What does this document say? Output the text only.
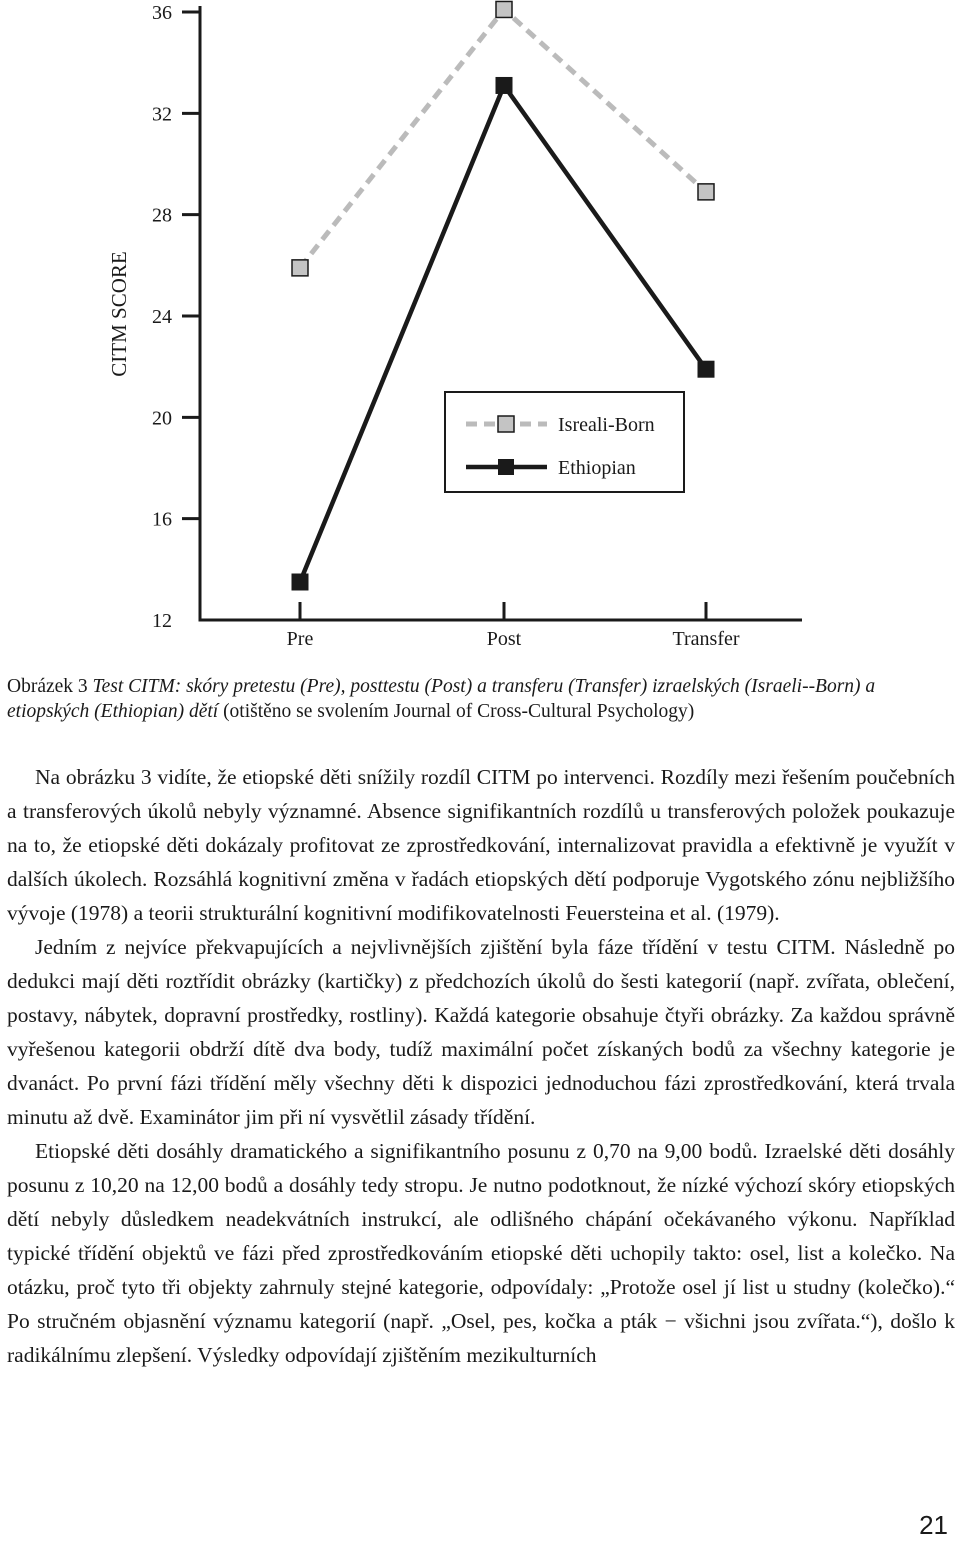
12
16
20
24
28
32
36
CITM SCORE
Pre	Post	Transfer
Isreali-Born
Ethiopian
Obrázek 3 Test CITM: skóry pretestu (Pre), posttestu (Post) a transferu (Transfer) izraelských (Israeli--Born) a etiopských (Ethiopian) dětí (otištěno se svolením Journal of Cross-Cultural Psychology)

Na obrázku 3 vidíte, že etiopské děti snížily rozdíl CITM po intervenci. Rozdíly mezi řešením poučebních a transferových úkolů nebyly významné. Absence signifikantních rozdílů u transferových položek poukazuje na to, že etiopské děti dokázaly profitovat ze zprostředkování, internalizovat pravidla a efektivně je využít v dalších úkolech. Rozsáhlá kognitivní změna v řadách etiopských dětí podporuje Vygotského zónu nejbližšího vývoje (1978) a teorii strukturální kognitivní modifikovatelnosti Feuersteina et al. (1979).

Jedním z nejvíce překvapujících a nejvlivnějších zjištění byla fáze třídění v testu CITM. Následně po dedukci mají děti roztřídit obrázky (kartičky) z předchozích úkolů do šesti kategorií (např. zvířata, oblečení, postavy, nábytek, dopravní prostředky, rostliny). Každá kategorie obsahuje čtyři obrázky. Za každou správně vyřešenou kategorii obdrží dítě dva body, tudíž maximální počet získaných bodů za všechny kategorie je dvanáct. Po první fázi třídění měly všechny děti k dispozici jednoduchou fázi zprostředkování, která trvala minutu až dvě. Examinátor jim při ní vysvětlil zásady třídění.

Etiopské děti dosáhly dramatického a signifikantního posunu z 0,70 na 9,00 bodů. Izraelské děti dosáhly posunu z 10,20 na 12,00 bodů a dosáhly tedy stropu. Je nutno podotknout, že nízké výchozí skóry etiopských dětí nebyly důsledkem neadekvátních instrukcí, ale odlišného chápání očekávaného výkonu. Například typické třídění objektů ve fázi před zprostředkováním etiopské děti uchopily takto: osel, list a kolečko. Na otázku, proč tyto tři objekty zahrnuly stejné kategorie, odpovídaly: „Protože osel jí list u studny (kolečko).“ Po stručném objasnění významu kategorií (např. „Osel, pes, kočka a pták − všichni jsou zvířata.“), došlo k radikálnímu zlepšení. Výsledky odpovídají zjištěním mezikulturních

21
